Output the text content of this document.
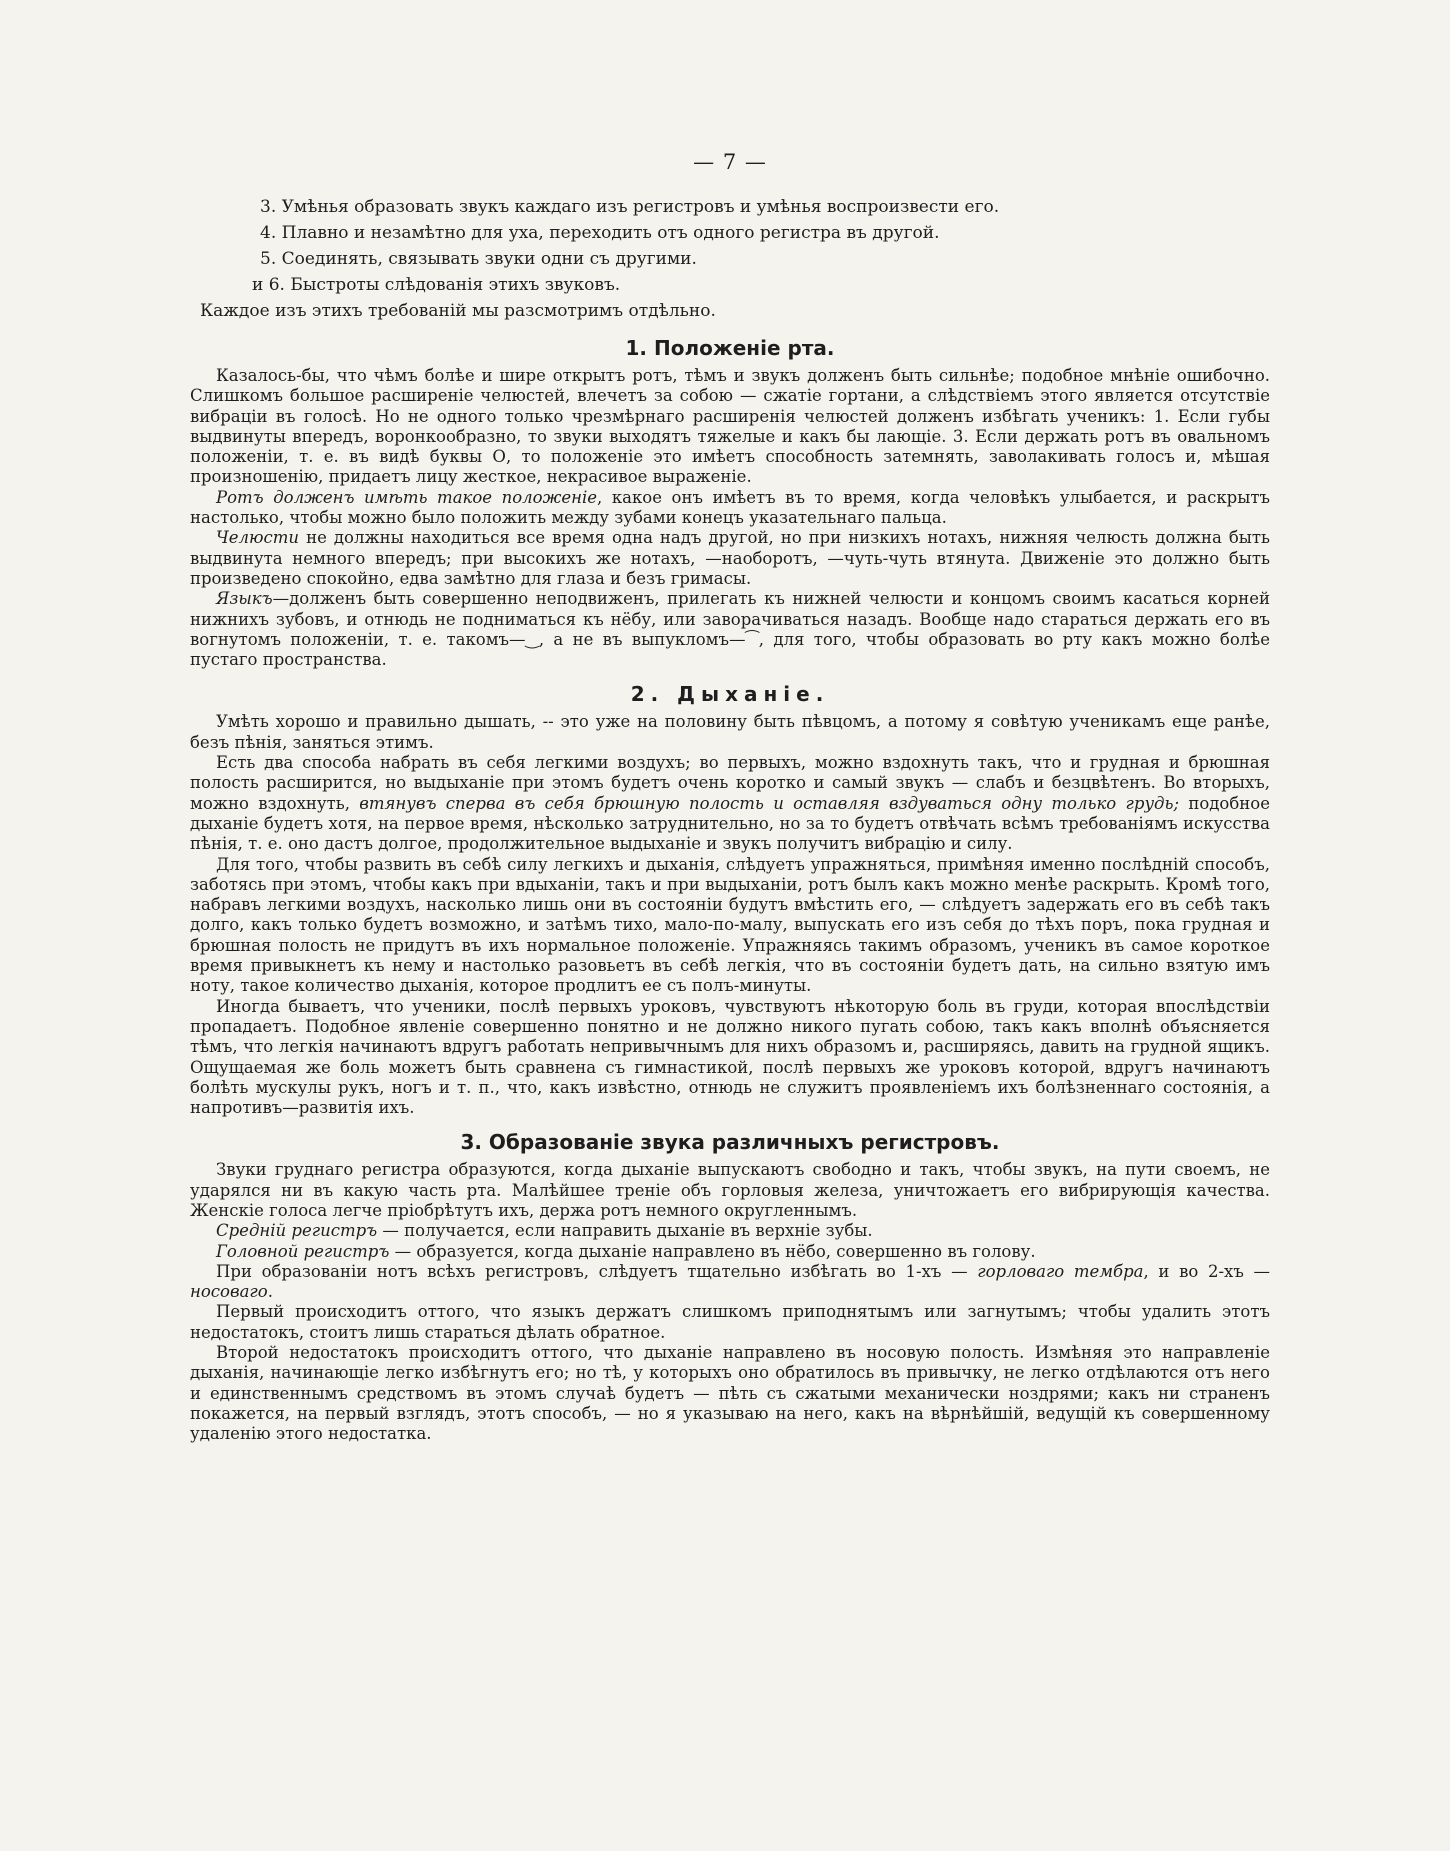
— 7 —
3. Умѣнья образовать звукъ каждаго изъ регистровъ и умѣнья воспроизвести его.
4. Плавно и незамѣтно для уха, переходить отъ одного регистра въ другой.
5. Соединять, связывать звуки одни съ другими.
и 6. Быстроты слѣдованія этихъ звуковъ.
Каждое изъ этихъ требованій мы разсмотримъ отдѣльно.
1. Положеніе рта.

Казалось-бы, что чѣмъ болѣе и шире открытъ ротъ, тѣмъ и звукъ долженъ быть сильнѣе; подобное мнѣніе ошибочно. Слишкомъ большое расширеніе челюстей, влечетъ за собою — сжатіе гортани, а слѣдствіемъ этого является отсутствіе вибраціи въ голосѣ. Но не одного только чрезмѣрнаго расширенія челюстей долженъ избѣгать ученикъ: 1. Если губы выдвинуты впередъ, воронкообразно, то звуки выходятъ тяжелые и какъ бы лающіе. 3. Если держать ротъ въ овальномъ положеніи, т. е. въ видѣ буквы О, то положеніе это имѣетъ способность затемнять, заволакивать голосъ и, мѣшая произношенію, придаетъ лицу жесткое, некрасивое выраженіе.

Ротъ долженъ имѣть такое положеніе, какое онъ имѣетъ въ то время, когда человѣкъ улыбается, и раскрытъ настолько, чтобы можно было положить между зубами конецъ указательнаго пальца.

Челюсти не должны находиться все время одна надъ другой, но при низкихъ нотахъ, нижняя челюсть должна быть выдвинута немного впередъ; при высокихъ же нотахъ, —наоборотъ, —чуть-чуть втянута. Движеніе это должно быть произведено спокойно, едва замѣтно для глаза и безъ гримасы.

Языкъ—долженъ быть совершенно неподвиженъ, прилегать къ нижней челюсти и концомъ своимъ касаться корней нижнихъ зубовъ, и отнюдь не подниматься къ нёбу, или заворачиваться назадъ. Вообще надо стараться держать его въ вогнутомъ положеніи, т. е. такомъ—‿, а не въ выпукломъ—⁀, для того, чтобы образовать во рту какъ можно болѣе пустаго пространства.

2. Дыханіе.

Умѣть хорошо и правильно дышать, -- это уже на половину быть пѣвцомъ, а потому я совѣтую ученикамъ еще ранѣе, безъ пѣнія, заняться этимъ.

Есть два способа набрать въ себя легкими воздухъ; во первыхъ, можно вздохнуть такъ, что и грудная и брюшная полость расширится, но выдыханіе при этомъ будетъ очень коротко и самый звукъ — слабъ и безцвѣтенъ. Во вторыхъ, можно вздохнуть, втянувъ сперва въ себя брюшную полость и оставляя вздуваться одну только грудь; подобное дыханіе будетъ хотя, на первое время, нѣсколько затруднительно, но за то будетъ отвѣчать всѣмъ требованіямъ искусства пѣнія, т. е. оно дастъ долгое, продолжительное выдыханіе и звукъ получитъ вибрацію и силу.

Для того, чтобы развить въ себѣ силу легкихъ и дыханія, слѣдуетъ упражняться, примѣняя именно послѣдній способъ, заботясь при этомъ, чтобы какъ при вдыханіи, такъ и при выдыханіи, ротъ былъ какъ можно менѣе раскрыть. Кромѣ того, набравъ легкими воздухъ, насколько лишь они въ состояніи будутъ вмѣстить его, — слѣдуетъ задержать его въ себѣ такъ долго, какъ только будетъ возможно, и затѣмъ тихо, мало-по-малу, выпускать его изъ себя до тѣхъ поръ, пока грудная и брюшная полость не придутъ въ ихъ нормальное положеніе. Упражняясь такимъ образомъ, ученикъ въ самое короткое время привыкнетъ къ нему и настолько разовьетъ въ себѣ легкія, что въ состояніи будетъ дать, на сильно взятую имъ ноту, такое количество дыханія, которое продлитъ ее съ полъ-минуты.

Иногда бываетъ, что ученики, послѣ первыхъ уроковъ, чувствуютъ нѣкоторую боль въ груди, которая впослѣдствіи пропадаетъ. Подобное явленіе совершенно понятно и не должно никого пугать собою, такъ какъ вполнѣ объясняется тѣмъ, что легкія начинаютъ вдругъ работать непривычнымъ для нихъ образомъ и, расширяясь, давить на грудной ящикъ. Ощущаемая же боль можетъ быть сравнена съ гимнастикой, послѣ первыхъ же уроковъ которой, вдругъ начинаютъ болѣть мускулы рукъ, ногъ и т. п., что, какъ извѣстно, отнюдь не служитъ проявленіемъ ихъ болѣзненнаго состоянія, а напротивъ—развитія ихъ.

3. Образованіе звука различныхъ регистровъ.

Звуки груднаго регистра образуются, когда дыханіе выпускаютъ свободно и такъ, чтобы звукъ, на пути своемъ, не ударялся ни въ какую часть рта. Малѣйшее треніе объ горловыя железа, уничтожаетъ его вибрирующія качества. Женскіе голоса легче пріобрѣтутъ ихъ, держа ротъ немного округленнымъ.

Средній регистръ — получается, если направить дыханіе въ верхніе зубы.

Головной регистръ — образуется, когда дыханіе направлено въ нёбо, совершенно въ голову.

При образованіи нотъ всѣхъ регистровъ, слѣдуетъ тщательно избѣгать во 1-хъ — горловаго тембра, и во 2-хъ — носоваго.

Первый происходитъ оттого, что языкъ держатъ слишкомъ приподнятымъ или загнутымъ; чтобы удалить этотъ недостатокъ, стоитъ лишь стараться дѣлать обратное.

Второй недостатокъ происходитъ оттого, что дыханіе направлено въ носовую полость. Измѣняя это направленіе дыханія, начинающіе легко избѣгнутъ его; но тѣ, у которыхъ оно обратилось въ привычку, не легко отдѣлаются отъ него и единственнымъ средствомъ въ этомъ случаѣ будетъ — пѣть съ сжатыми механически ноздрями; какъ ни страненъ покажется, на первый взглядъ, этотъ способъ, — но я указываю на него, какъ на вѣрнѣйшій, ведущій къ совершенному удаленію этого недостатка.
